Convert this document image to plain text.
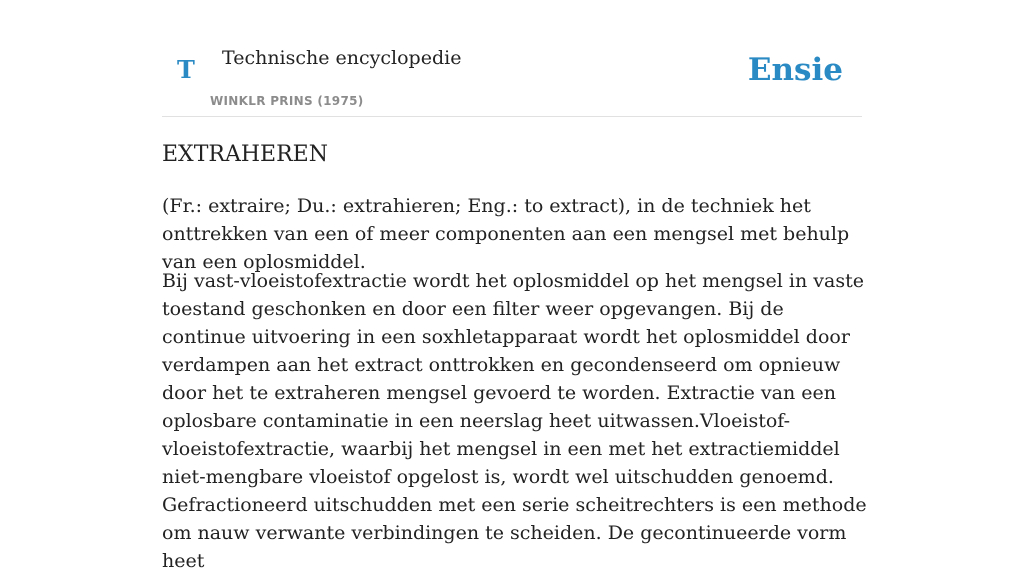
T Technische encyclopedie
WINKLR PRINS (1975)
Ensie
EXTRAHEREN

(Fr.: extraire; Du.: extrahieren; Eng.: to extract), in de techniek het onttrekken van een of meer componenten aan een mengsel met behulp van een oplosmiddel.

Bij vast-vloeistofextractie wordt het oplosmiddel op het mengsel in vaste toestand geschonken en door een filter weer opgevangen. Bij de continue uitvoering in een soxhletapparaat wordt het oplosmiddel door verdampen aan het extract onttrokken en gecondenseerd om opnieuw door het te extraheren mengsel gevoerd te worden. Extractie van een oplosbare contaminatie in een neerslag heet uitwassen.Vloeistof-vloeistofextractie, waarbij het mengsel in een met het extractiemiddel niet-mengbare vloeistof opgelost is, wordt wel uitschudden genoemd. Gefractioneerd uitschudden met een serie scheitrechters is een methode om nauw verwante verbindingen te scheiden. De gecontinueerde vorm heet
